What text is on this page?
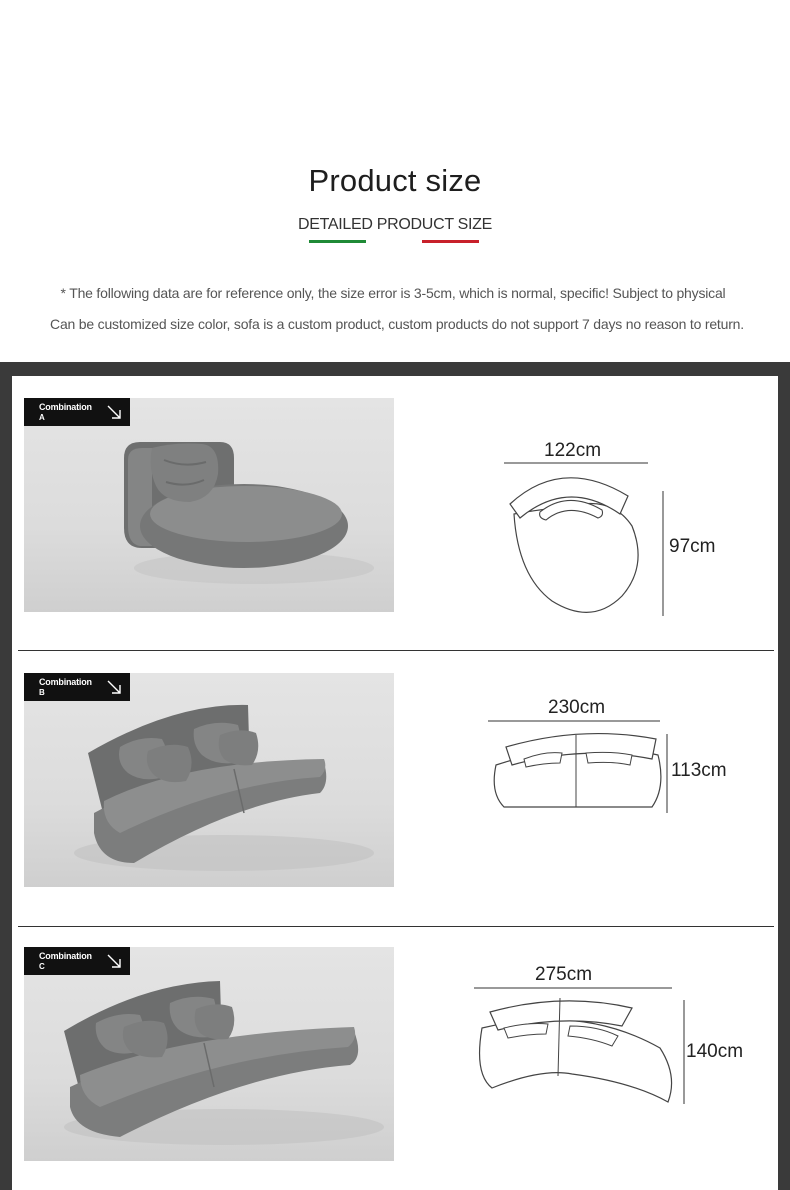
Product size
DETAILED PRODUCT SIZE
* The following data are for reference only, the size error is 3-5cm, which is normal, specific! Subject to physical
Can be customized size color, sofa is a custom product, custom products do not support 7 days no reason to return.
Combination
A
122cm
97cm
Combination
B
230cm
113cm
Combination
C	275cm
140cm
